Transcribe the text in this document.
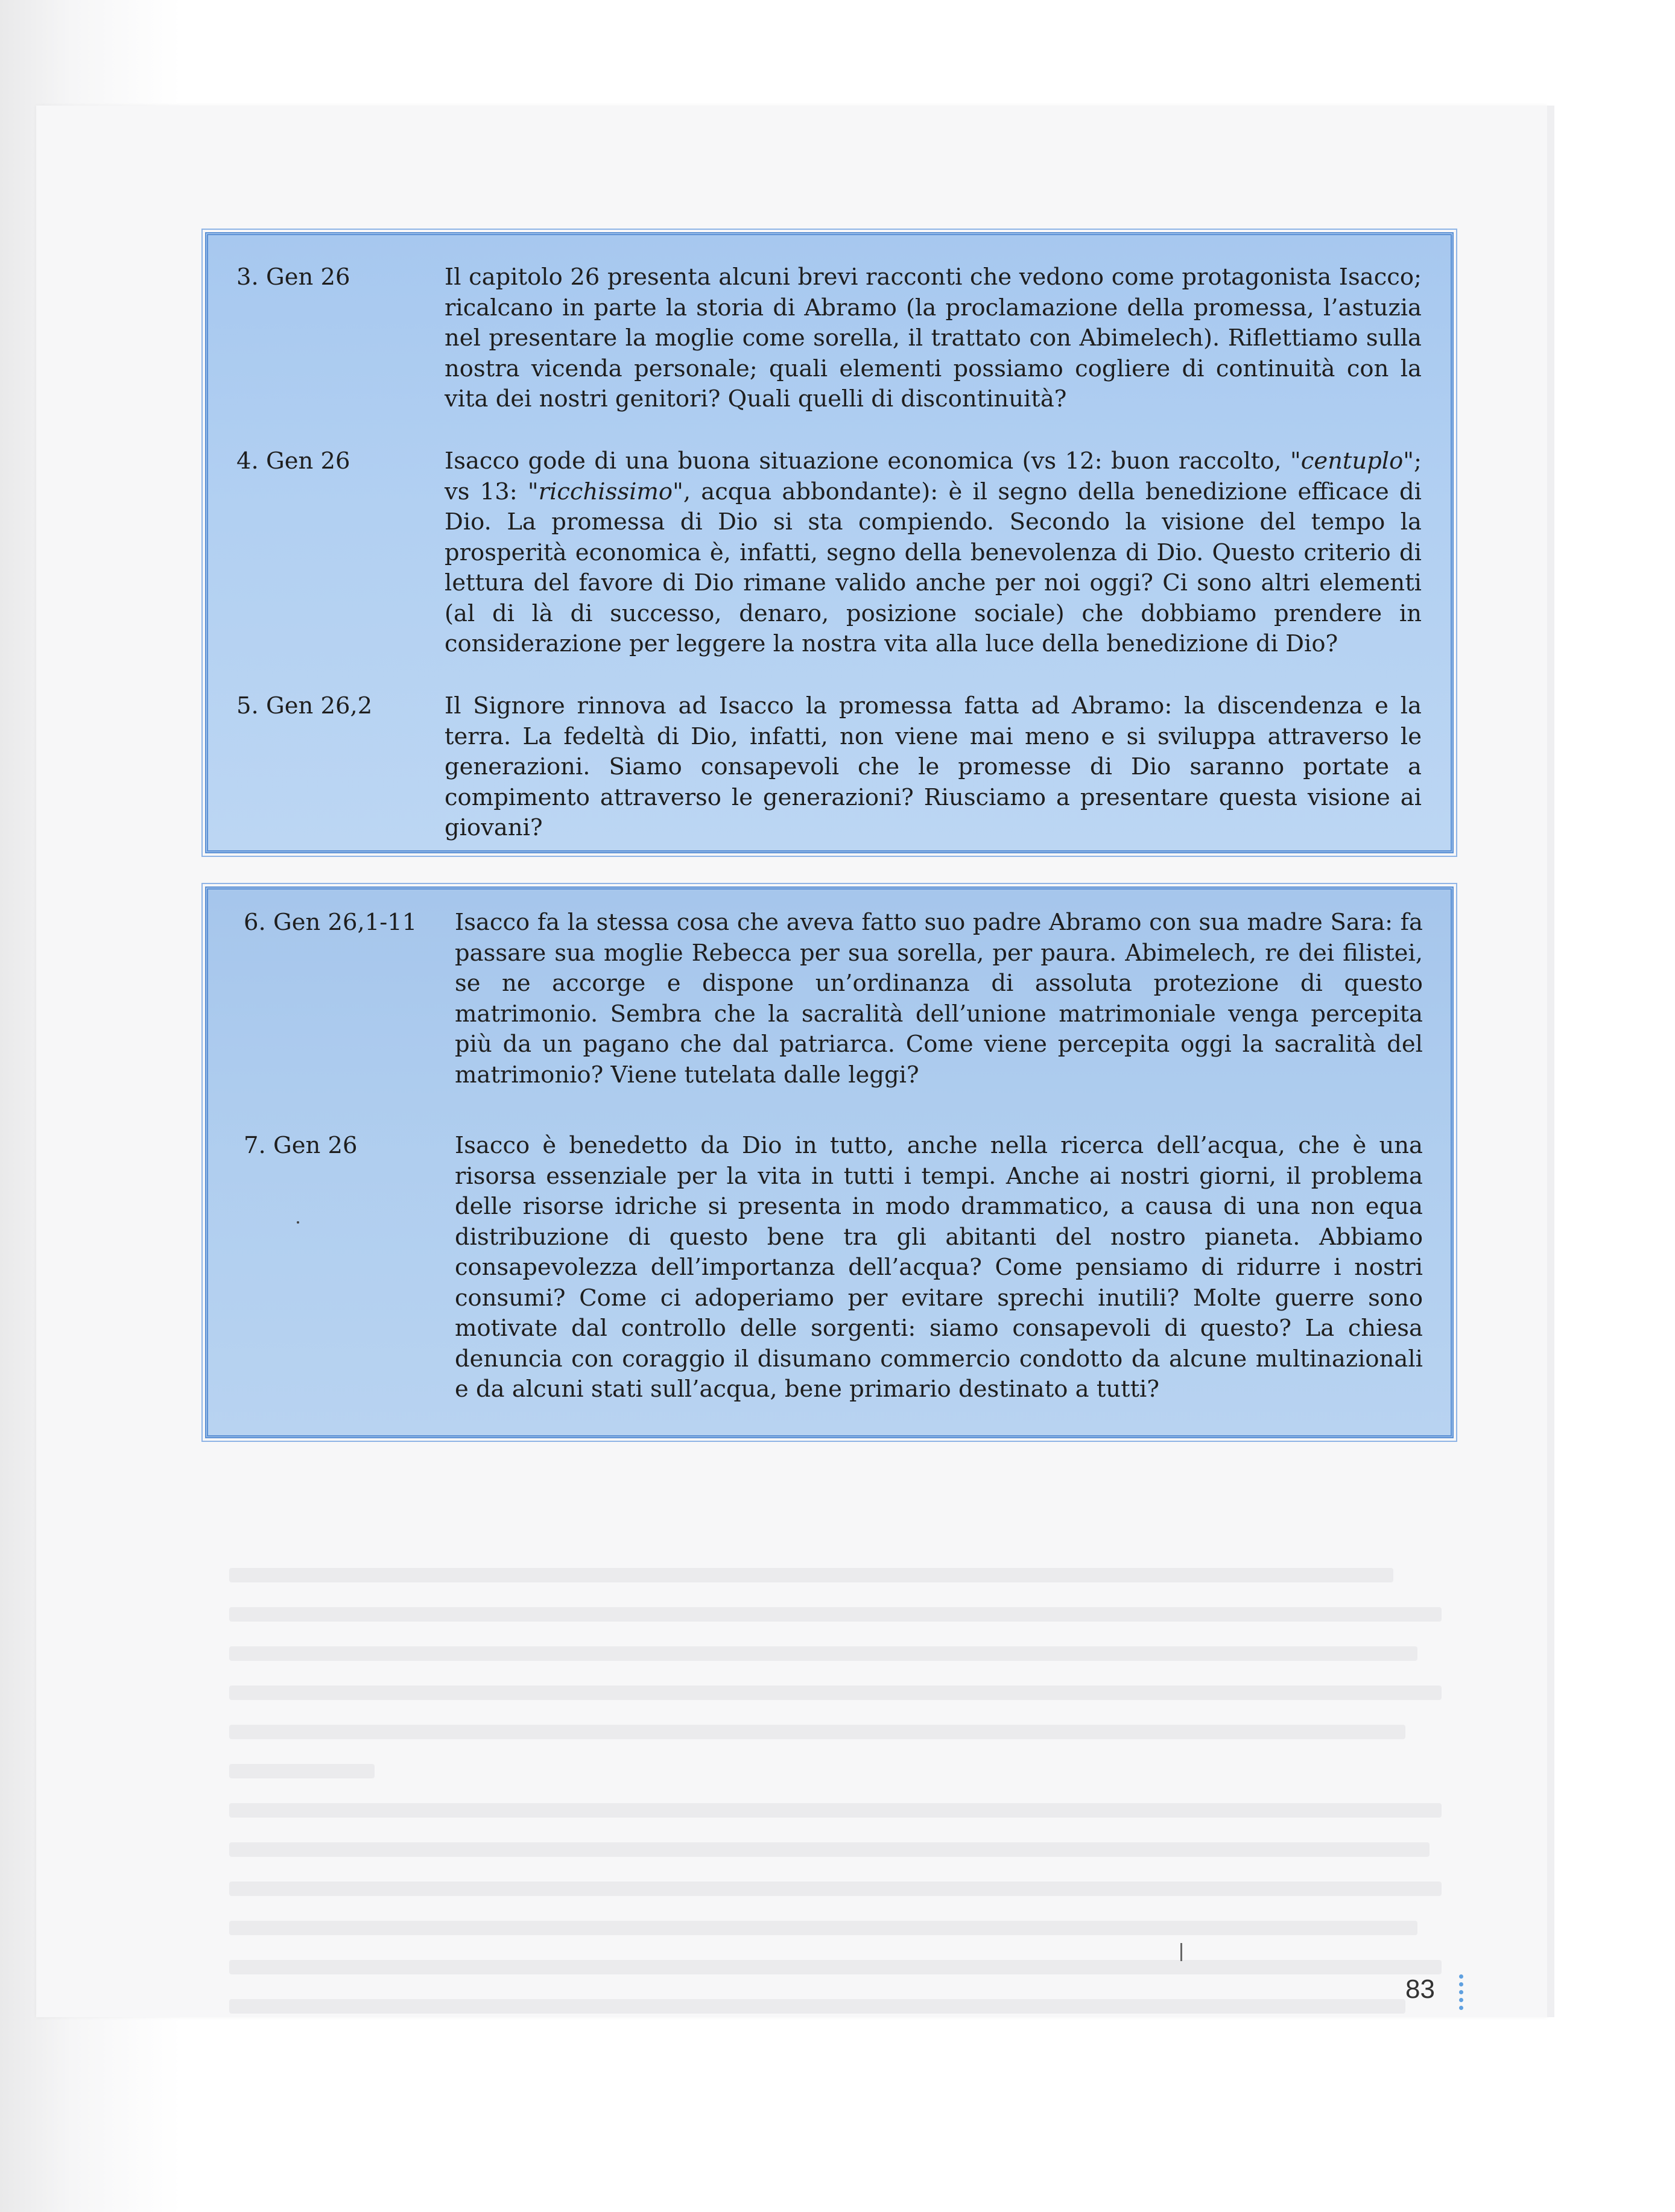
3. Gen 26	Il capitolo 26 presenta alcuni brevi racconti che vedono come protagonista Isacco; ricalcano in parte la storia di Abramo (la proclamazione della promessa, l’astuzia nel presentare la moglie come sorella, il trattato con Abimelech). Riflettiamo sulla nostra vicenda personale; quali elementi possiamo cogliere di continuità con la vita dei nostri genitori? Quali quelli di discontinuità?
4. Gen 26	Isacco gode di una buona situazione economica (vs 12: buon raccolto, "centuplo"; vs 13: "ricchissimo", acqua abbondante): è il segno della benedizione efficace di Dio. La promessa di Dio si sta compiendo. Secondo la visione del tempo la prosperità economica è, infatti, segno della benevolenza di Dio. Questo criterio di lettura del favore di Dio rimane valido anche per noi oggi? Ci sono altri elementi (al di là di successo, denaro, posizione sociale) che dobbiamo prendere in considerazione per leggere la nostra vita alla luce della benedizione di Dio?
5. Gen 26,2	Il Signore rinnova ad Isacco la promessa fatta ad Abramo: la discendenza e la terra. La fedeltà di Dio, infatti, non viene mai meno e si sviluppa attraverso le generazioni. Siamo consapevoli che le promesse di Dio saranno portate a compimento attraverso le generazioni? Riusciamo a presentare questa visione ai giovani?
6. Gen 26,1-11 Isacco fa la stessa cosa che aveva fatto suo padre Abramo con sua madre Sara: fa passare sua moglie Rebecca per sua sorella, per paura. Abimelech, re dei filistei, se ne accorge e dispone un’ordinanza di assoluta protezione di questo matrimonio. Sembra che la sacralità dell’unione matrimoniale venga percepita più da un pagano che dal patriarca. Come viene percepita oggi la sacralità del matrimonio? Viene tutelata dalle leggi?
7. Gen 26	Isacco è benedetto da Dio in tutto, anche nella ricerca dell’acqua, che è una risorsa essenziale per la vita in tutti i tempi. Anche ai nostri giorni, il problema delle risorse idriche si presenta in modo drammatico, a causa di una non equa distribuzione di questo bene tra gli abitanti del nostro pianeta. Abbiamo consapevolezza dell’importanza dell’acqua? Come pensiamo di ridurre i nostri consumi? Come ci adoperiamo per evitare sprechi inutili? Molte guerre sono motivate dal controllo delle sorgenti: siamo consapevoli di questo? La chiesa denuncia con coraggio il disumano commercio condotto da alcune multinazionali e da alcuni stati sull’acqua, bene primario destinato a tutti?
83
